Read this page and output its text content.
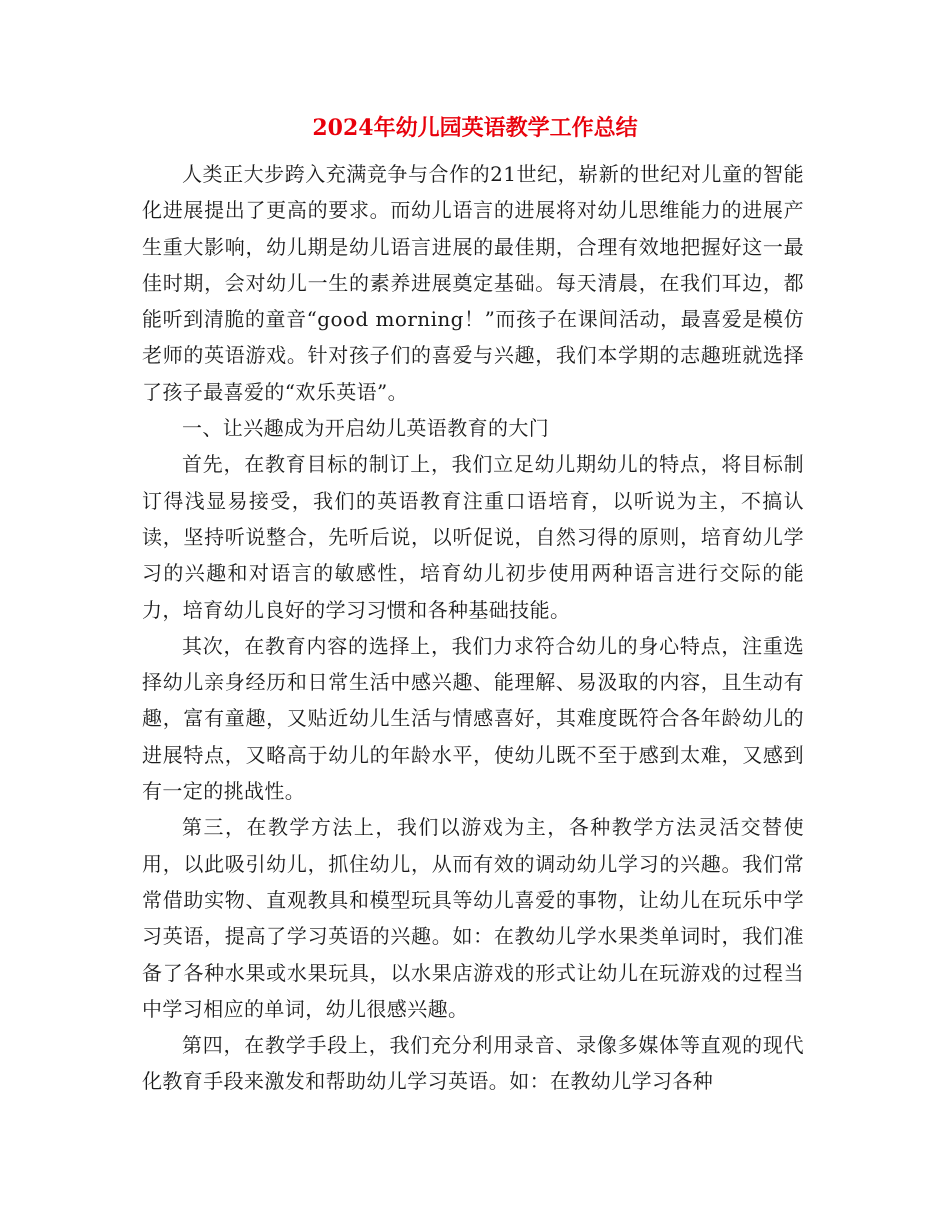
2024年幼儿园英语教学工作总结

人类正大步跨入充满竞争与合作的21世纪，崭新的世纪对儿童的智能化进展提出了更高的要求。而幼儿语言的进展将对幼儿思维能力的进展产生重大影响，幼儿期是幼儿语言进展的最佳期，合理有效地把握好这一最佳时期，会对幼儿一生的素养进展奠定基础。每天清晨，在我们耳边，都能听到清脆的童音“good morning！”而孩子在课间活动，最喜爱是模仿老师的英语游戏。针对孩子们的喜爱与兴趣，我们本学期的志趣班就选择了孩子最喜爱的“欢乐英语”。

一、让兴趣成为开启幼儿英语教育的大门

首先，在教育目标的制订上，我们立足幼儿期幼儿的特点，将目标制订得浅显易接受，我们的英语教育注重口语培育，以听说为主，不搞认读，坚持听说整合，先听后说，以听促说，自然习得的原则，培育幼儿学习的兴趣和对语言的敏感性，培育幼儿初步使用两种语言进行交际的能力，培育幼儿良好的学习习惯和各种基础技能。

其次，在教育内容的选择上，我们力求符合幼儿的身心特点，注重选择幼儿亲身经历和日常生活中感兴趣、能理解、易汲取的内容，且生动有趣，富有童趣，又贴近幼儿生活与情感喜好，其难度既符合各年龄幼儿的进展特点，又略高于幼儿的年龄水平，使幼儿既不至于感到太难，又感到有一定的挑战性。

第三，在教学方法上，我们以游戏为主，各种教学方法灵活交替使用，以此吸引幼儿，抓住幼儿，从而有效的调动幼儿学习的兴趣。我们常常借助实物、直观教具和模型玩具等幼儿喜爱的事物，让幼儿在玩乐中学习英语，提高了学习英语的兴趣。如：在教幼儿学水果类单词时，我们准备了各种水果或水果玩具，以水果店游戏的形式让幼儿在玩游戏的过程当中学习相应的单词，幼儿很感兴趣。

第四，在教学手段上，我们充分利用录音、录像多媒体等直观的现代化教育手段来激发和帮助幼儿学习英语。如：在教幼儿学习各种
